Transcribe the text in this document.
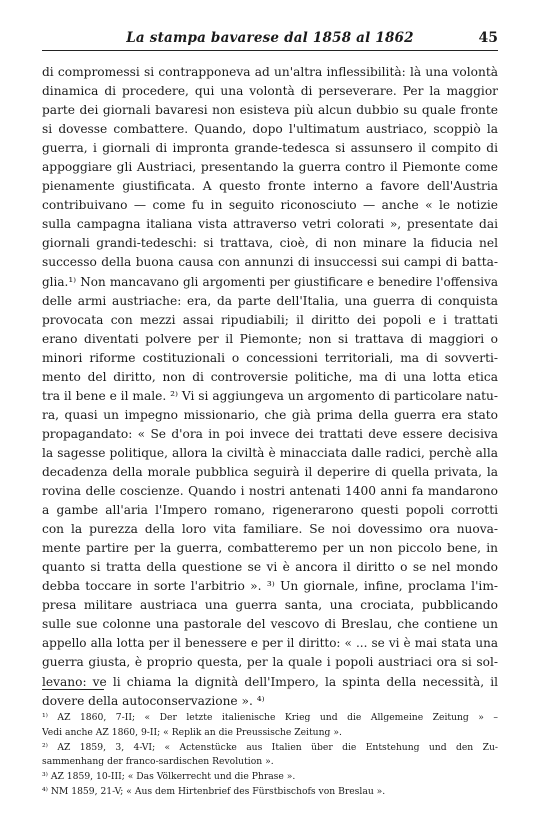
La stampa bavarese dal 1858 al 1862	45
di compromessi si contrapponeva ad un'altra inflessibilità: là una volontà
dinamica di procedere, qui una volontà di perseverare. Per la maggior
parte dei giornali bavaresi non esisteva più alcun dubbio su quale fronte
si dovesse combattere. Quando, dopo l'ultimatum austriaco, scoppiò la
guerra, i giornali di impronta grande-tedesca si assunsero il compito di
appoggiare gli Austriaci, presentando la guerra contro il Piemonte come
pienamente giustificata. A questo fronte interno a favore dell'Austria
contribuivano — come fu in seguito riconosciuto — anche « le notizie
sulla campagna italiana vista attraverso vetri colorati », presentate dai
giornali grandi-tedeschi: si trattava, cioè, di non minare la fiducia nel
successo della buona causa con annunzi di insuccessi sui campi di batta-
glia.¹⁾ Non mancavano gli argomenti per giustificare e benedire l'offensiva
delle armi austriache: era, da parte dell'Italia, una guerra di conquista
provocata con mezzi assai ripudiabili; il diritto dei popoli e i trattati
erano diventati polvere per il Piemonte; non si trattava di maggiori o
minori riforme costituzionali o concessioni territoriali, ma di sovverti-
mento del diritto, non di controversie politiche, ma di una lotta etica
tra il bene e il male. ²⁾ Vi si aggiungeva un argomento di particolare natu-
ra, quasi un impegno missionario, che già prima della guerra era stato
propagandato: « Se d'ora in poi invece dei trattati deve essere decisiva
la sagesse politique, allora la civiltà è minacciata dalle radici, perchè alla
decadenza della morale pubblica seguirà il deperire di quella privata, la
rovina delle coscienze. Quando i nostri antenati 1400 anni fa mandarono
a gambe all'aria l'Impero romano, rigenerarono questi popoli corrotti
con la purezza della loro vita familiare. Se noi dovessimo ora nuova-
mente partire per la guerra, combatteremo per un non piccolo bene, in
quanto si tratta della questione se vi è ancora il diritto o se nel mondo
debba toccare in sorte l'arbitrio ». ³⁾ Un giornale, infine, proclama l'im-
presa militare austriaca una guerra santa, una crociata, pubblicando
sulle sue colonne una pastorale del vescovo di Breslau, che contiene un
appello alla lotta per il benessere e per il diritto: « ... se vi è mai stata una
guerra giusta, è proprio questa, per la quale i popoli austriaci ora si sol-
levano: ve li chiama la dignità dell'Impero, la spinta della necessità, il
dovere della autoconservazione ». ⁴⁾
¹⁾ AZ 1860, 7-II; « Der letzte italienische Krieg und die Allgemeine Zeitung » –
Vedi anche AZ 1860, 9-II; « Replik an die Preussische Zeitung ».
²⁾ AZ 1859, 3, 4-VI; « Actenstücke aus Italien über die Entstehung und den Zu-
sammenhang der franco-sardischen Revolution ».
³⁾ AZ 1859, 10-III; « Das Völkerrecht und die Phrase ».
⁴⁾ NM 1859, 21-V; « Aus dem Hirtenbrief des Fürstbischofs von Breslau ».
